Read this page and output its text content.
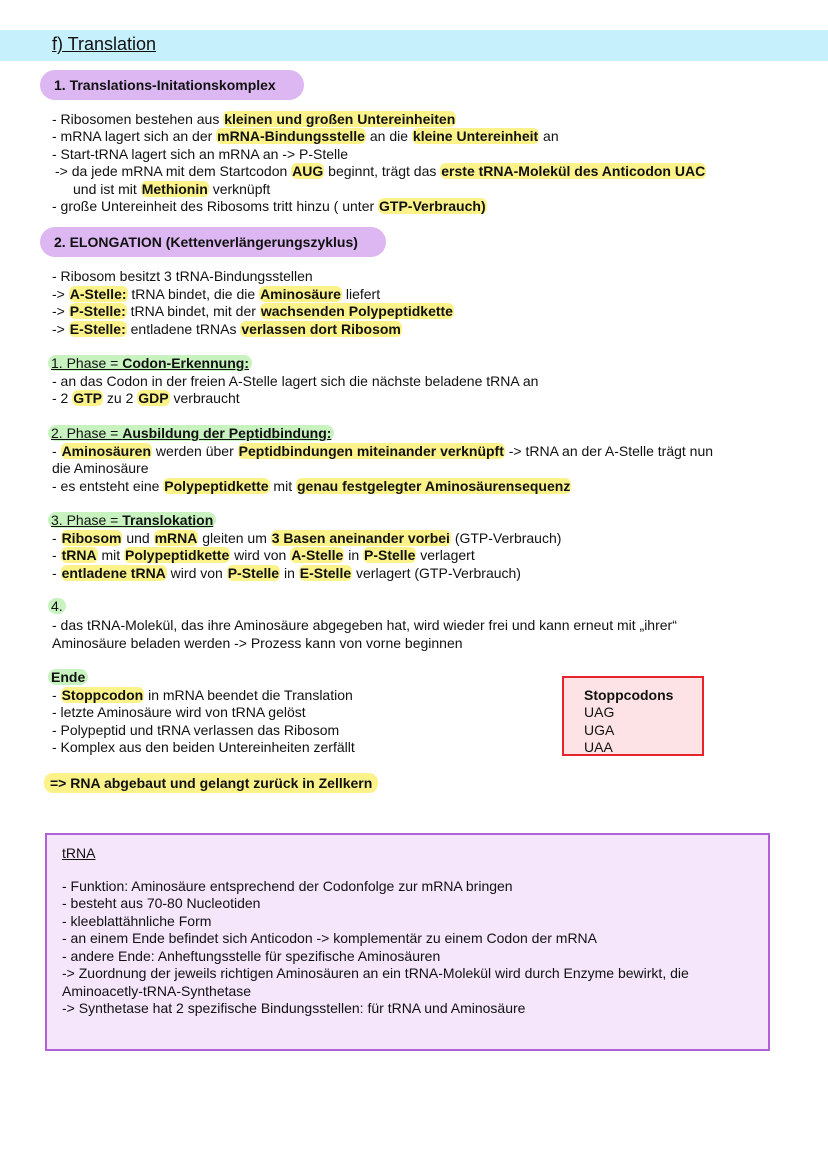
f) Translation
1. Translations-Initationskomplex
- Ribosomen bestehen aus kleinen und großen Untereinheiten
- mRNA lagert sich an der mRNA-Bindungsstelle an die kleine Untereinheit an
- Start-tRNA lagert sich an mRNA an -> P-Stelle
-> da jede mRNA mit dem Startcodon AUG beginnt, trägt das erste tRNA-Molekül des Anticodon UAC
und ist mit Methionin verknüpft
- große Untereinheit des Ribosoms tritt hinzu ( unter GTP-Verbrauch)
2. ELONGATION (Kettenverlängerungszyklus)
- Ribosom besitzt 3 tRNA-Bindungsstellen
-> A-Stelle: tRNA bindet, die die Aminosäure liefert
-> P-Stelle: tRNA bindet, mit der wachsenden Polypeptidkette
-> E-Stelle: entladene tRNAs verlassen dort Ribosom
1. Phase = Codon-Erkennung:
- an das Codon in der freien A-Stelle lagert sich die nächste beladene tRNA an
- 2 GTP zu 2 GDP verbraucht
2. Phase = Ausbildung der Peptidbindung:
- Aminosäuren werden über Peptidbindungen miteinander verknüpft -> tRNA an der A-Stelle trägt nun
die Aminosäure
- es entsteht eine Polypeptidkette mit genau festgelegter Aminosäurensequenz
3. Phase = Translokation
- Ribosom und mRNA gleiten um 3 Basen aneinander vorbei (GTP-Verbrauch)
- tRNA mit Polypeptidkette wird von A-Stelle in P-Stelle verlagert
- entladene tRNA wird von P-Stelle in E-Stelle verlagert (GTP-Verbrauch)
4.
- das tRNA-Molekül, das ihre Aminosäure abgegeben hat, wird wieder frei und kann erneut mit „ihrer“
Aminosäure beladen werden -> Prozess kann von vorne beginnen
Ende
- Stoppcodon in mRNA beendet die Translation
- letzte Aminosäure wird von tRNA gelöst
- Polypeptid und tRNA verlassen das Ribosom
- Komplex aus den beiden Untereinheiten zerfällt
=> RNA abgebaut und gelangt zurück in Zellkern
Stoppcodons
UAG
UGA
UAA
tRNA
- Funktion: Aminosäure entsprechend der Codonfolge zur mRNA bringen
- besteht aus 70-80 Nucleotiden
- kleeblattähnliche Form
- an einem Ende befindet sich Anticodon -> komplementär zu einem Codon der mRNA
- andere Ende: Anheftungsstelle für spezifische Aminosäuren
-> Zuordnung der jeweils richtigen Aminosäuren an ein tRNA-Molekül wird durch Enzyme bewirkt, die
Aminoacetly-tRNA-Synthetase
-> Synthetase hat 2 spezifische Bindungsstellen: für tRNA und Aminosäure
